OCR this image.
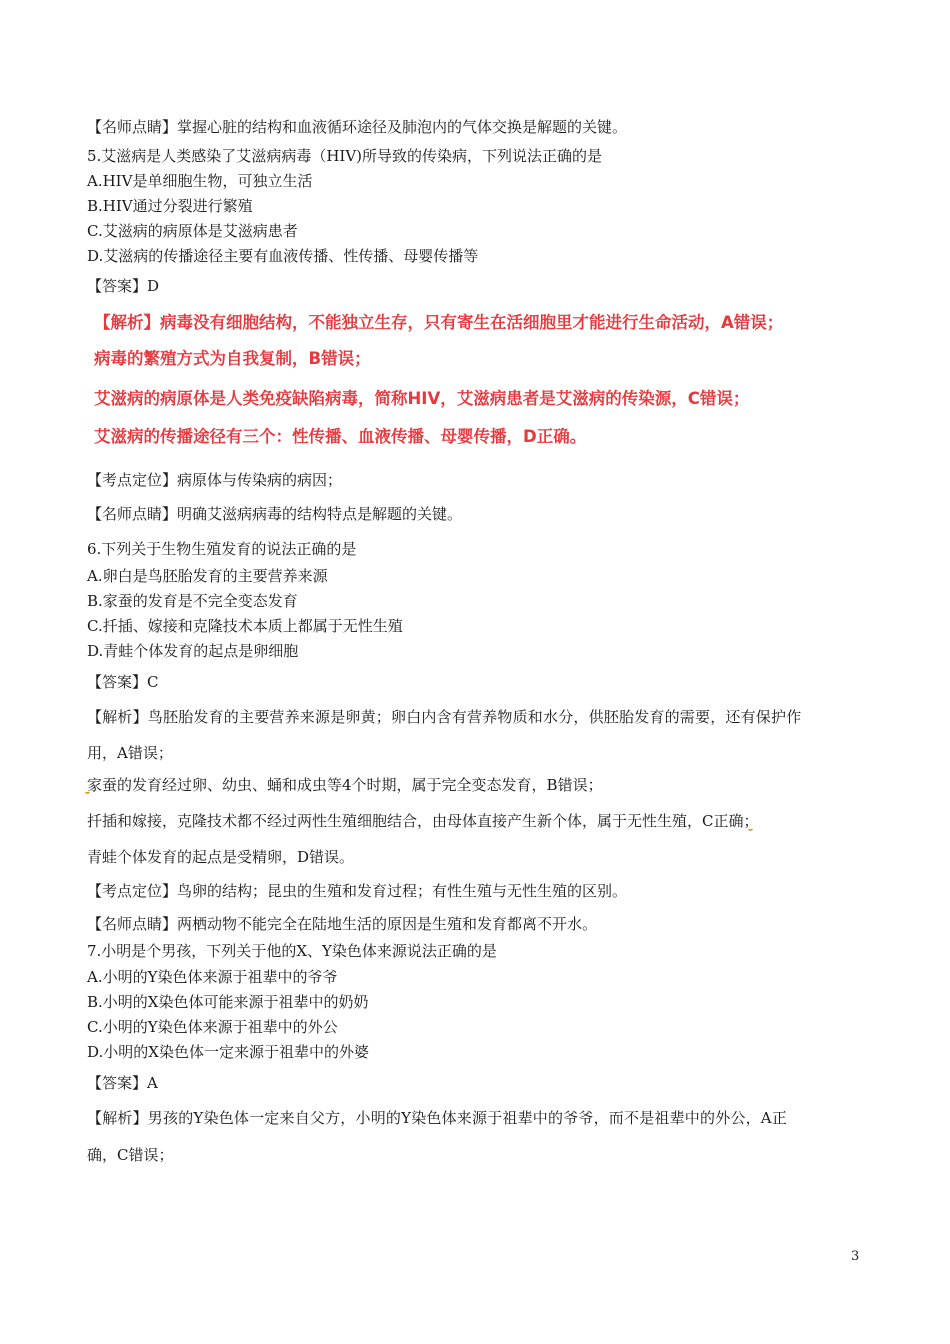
【名师点睛】掌握心脏的结构和血液循环途径及肺泡内的气体交换是解题的关键。
5.艾滋病是人类感染了艾滋病病毒（HIV)所导致的传染病，下列说法正确的是
A.HIV是单细胞生物，可独立生活
B.HIV通过分裂进行繁殖
C.艾滋病的病原体是艾滋病患者
D.艾滋病的传播途径主要有血液传播、性传播、母婴传播等
【答案】D
【解析】病毒没有细胞结构，不能独立生存，只有寄生在活细胞里才能进行生命活动，A错误；
病毒的繁殖方式为自我复制，B错误；
艾滋病的病原体是人类免疫缺陷病毒，简称HIV，艾滋病患者是艾滋病的传染源，C错误；
艾滋病的传播途径有三个：性传播、血液传播、母婴传播，D正确。
【考点定位】病原体与传染病的病因；
【名师点睛】明确艾滋病病毒的结构特点是解题的关键。
6.下列关于生物生殖发育的说法正确的是
A.卵白是鸟胚胎发育的主要营养来源
B.家蚕的发育是不完全变态发育
C.扦插、嫁接和克隆技术本质上都属于无性生殖
D.青蛙个体发育的起点是卵细胞
【答案】C
【解析】鸟胚胎发育的主要营养来源是卵黄；卵白内含有营养物质和水分，供胚胎发育的需要，还有保护作
用，A错误；
家蚕的发育经过卵、幼虫、蛹和成虫等4个时期，属于完全变态发育，B错误；
扦插和嫁接，克隆技术都不经过两性生殖细胞结合，由母体直接产生新个体，属于无性生殖，C正确；
青蛙个体发育的起点是受精卵，D错误。
【考点定位】鸟卵的结构；昆虫的生殖和发育过程；有性生殖与无性生殖的区别。
【名师点睛】两栖动物不能完全在陆地生活的原因是生殖和发育都离不开水。
7.小明是个男孩，下列关于他的X、Y染色体来源说法正确的是
A.小明的Y染色体来源于祖辈中的爷爷
B.小明的X染色体可能来源于祖辈中的奶奶
C.小明的Y染色体来源于祖辈中的外公
D.小明的X染色体一定来源于祖辈中的外婆
【答案】A
【解析】男孩的Y染色体一定来自父方，小明的Y染色体来源于祖辈中的爷爷，而不是祖辈中的外公，A正
确，C错误；
3
